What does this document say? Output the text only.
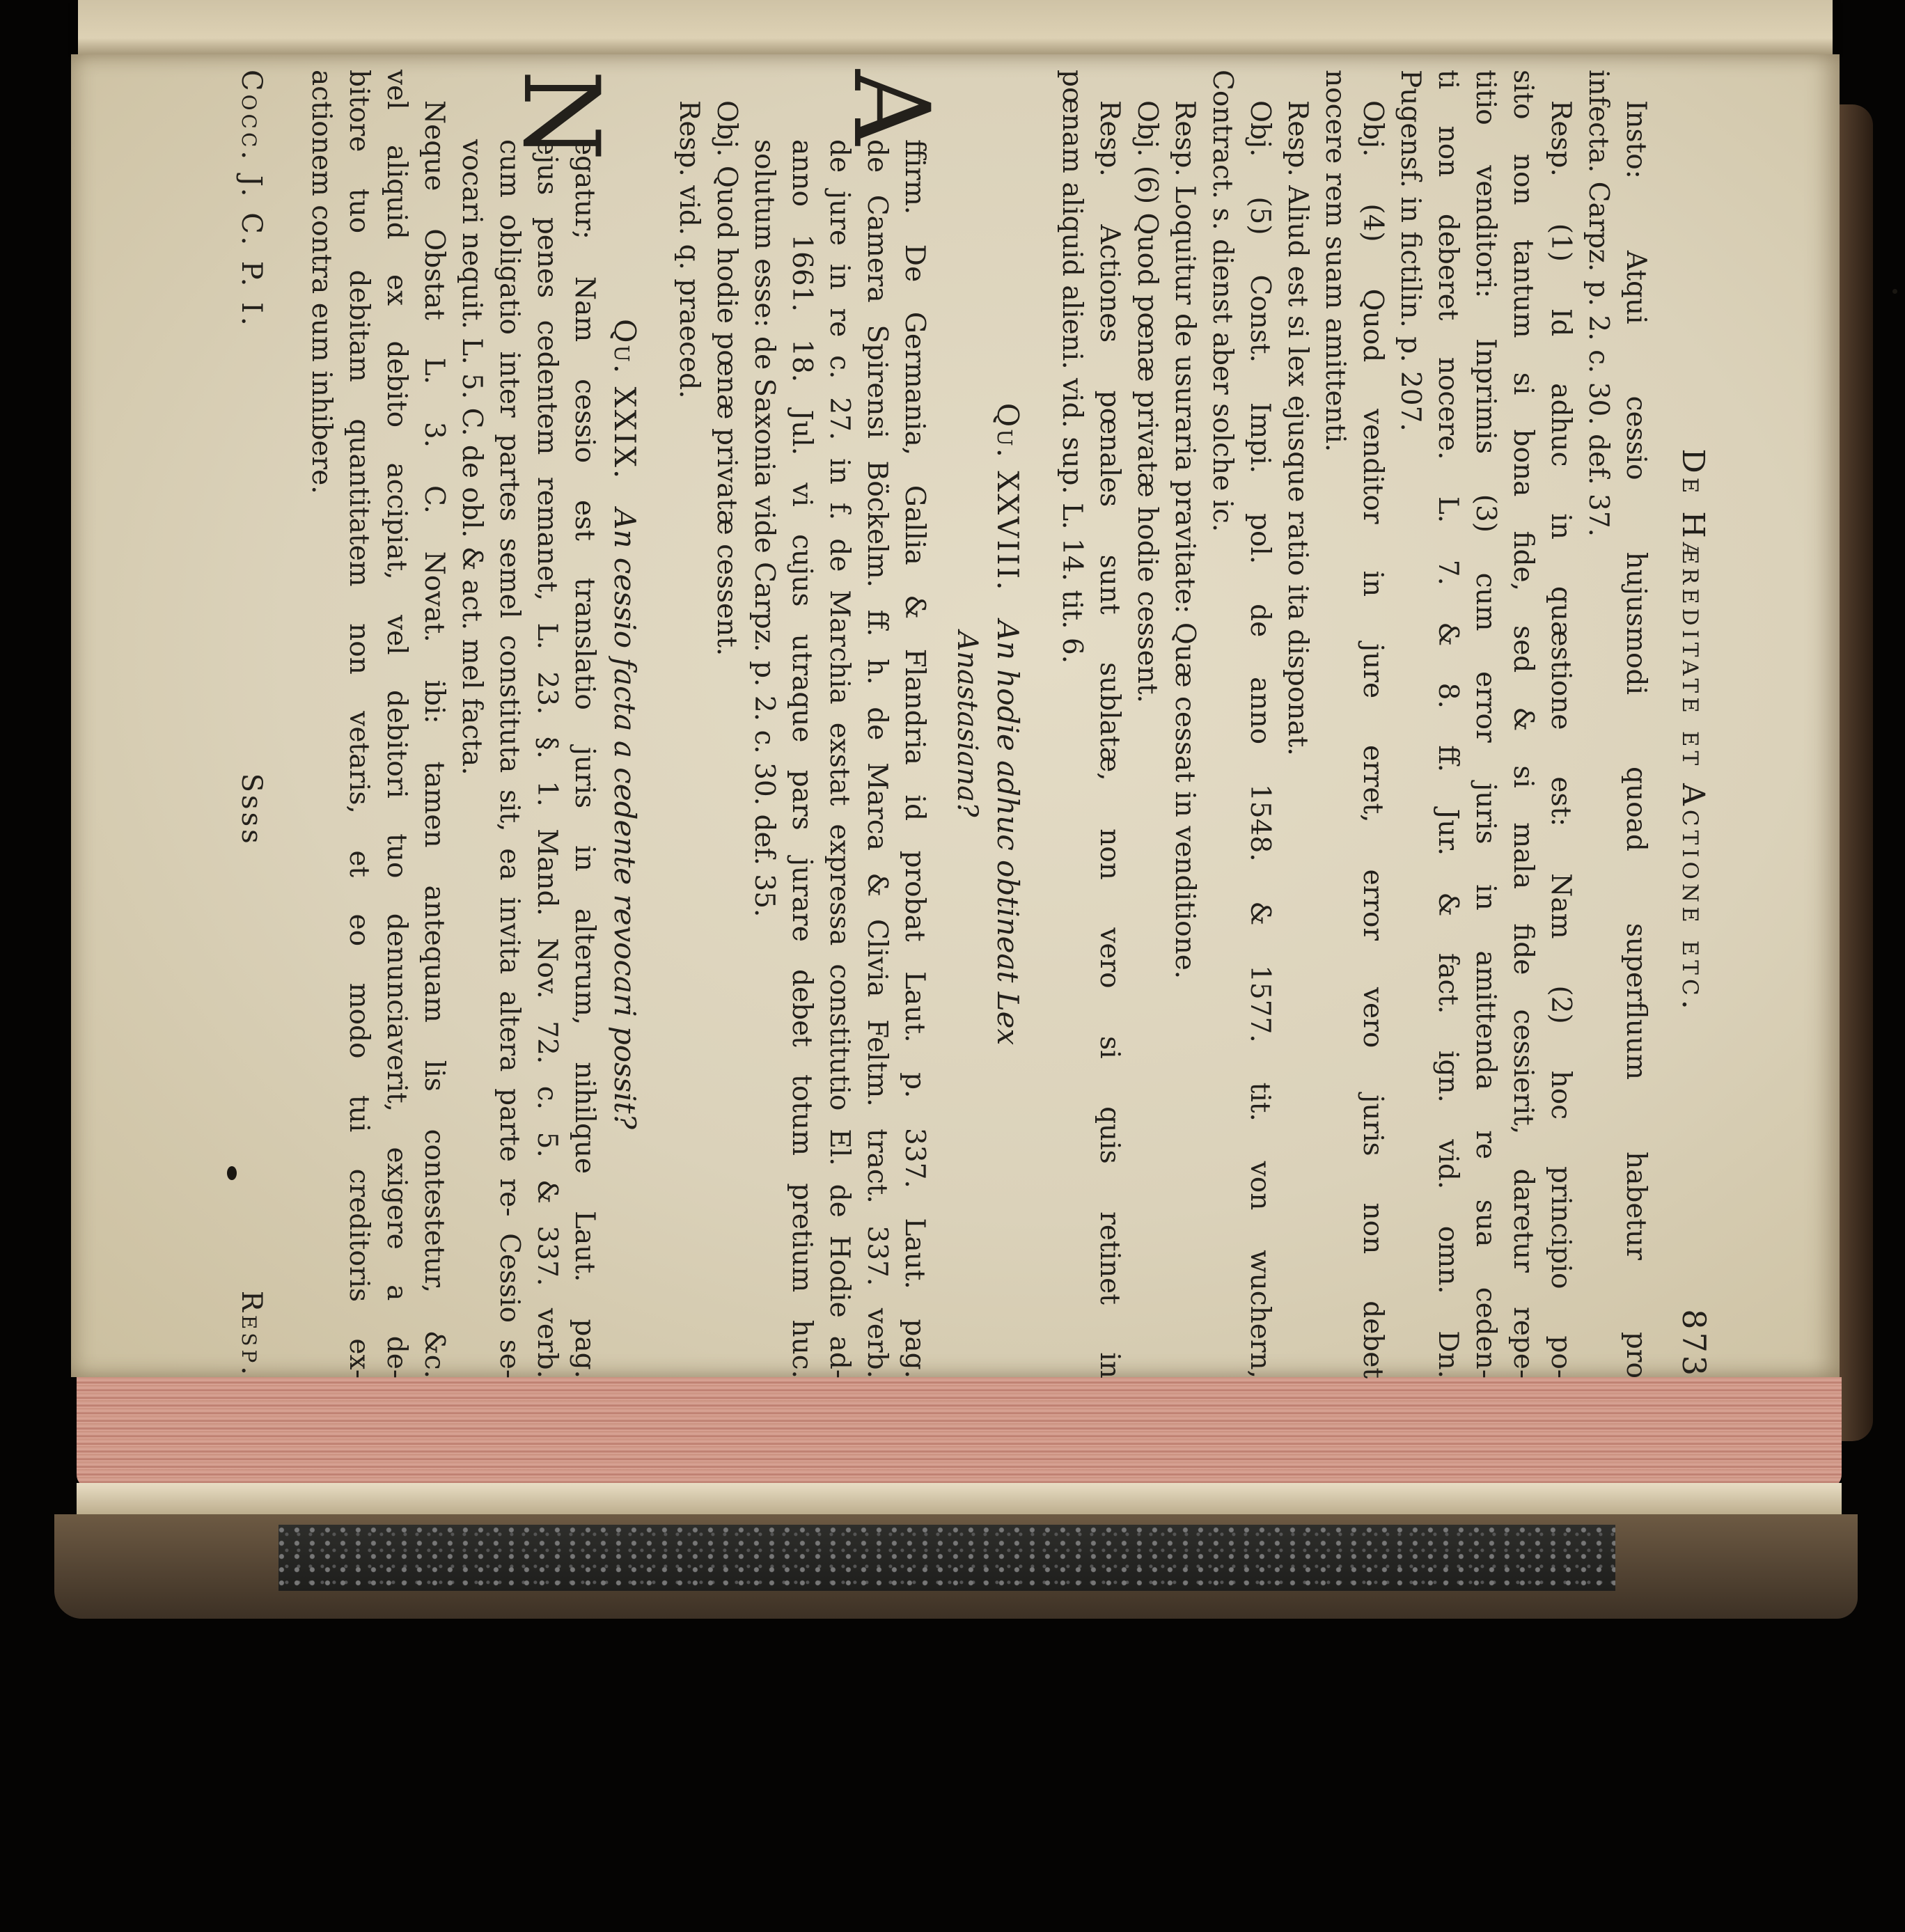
De Hæreditate et Actione etc.
873
Insto: Atqui cessio hujusmodi quoad superfluum habetur pro
infecta. Carpz. p. 2. c. 30. def. 37.
Resp. (1) Id adhuc in quæstione est: Nam (2) hoc principio po-
sito non tantum si bona fide, sed & si mala fide cessierit, daretur repe-
titio venditori: Inprimis (3) cum error juris in amittenda re sua ceden-
ti non deberet nocere. L. 7. & 8. ff. Jur. & fact. ign. vid. omn. Dn.
Pugensf. in fictilin. p. 207.
Obj. (4) Quod venditor in jure erret, error vero juris non debet
nocere rem suam amittenti.
Resp. Aliud est si lex ejusque ratio ita disponat.
Obj. (5) Const. Impi. pol. de anno 1548. & 1577. tit. von wuchern,
Contract. s. dienst aber solche ic.
Resp. Loquitur de usuraria pravitate: Quæ cessat in venditione.
Obj. (6) Quod pœnæ privatæ hodie cessent.
Resp. Actiones pœnales sunt sublatæ, non vero si quis retinet in
pœnam aliquid alieni. vid. sup. L. 14. tit. 6.
Qu. XXVIII.
An hodie adhuc obtineat Lex
Anastasiana?
A
ffirm. De Germania, Gallia & Flandria id probat Laut. p. 337. Laut. pag.
de Camera Spirensi Böckelm. ff. h. de Marca & Clivia Feltm. tract. 337. verb.
de jure in re c. 27. in f. de Marchia exstat expressa constitutio El. de Hodie ad-
anno 1661. 18. Jul. vi cujus utraque pars jurare debet totum pretium huc.
solutum esse: de Saxonia vide Carpz. p. 2. c. 30. def. 35.
Obj. Quod hodie pœnæ privatæ cessent.
Resp. vid. q. praeced.
Qu. XXIX.
An cessio facta a cedente revocari possit?
N
egatur; Nam cessio est translatio juris in alterum, nihilque Laut. pag.
ejus penes cedentem remanet, L. 23. §. 1. Mand. Nov. 72. c. 5. & 337. verb.
cum obligatio inter partes semel constituta sit, ea invita altera parte re- Cessio se-
vocari nequit. L. 5. C. de obl. & act. mel facta.
Neque Obstat L. 3. C. Novat. ibi: tamen antequam lis contestetur, &c.
vel aliquid ex debito accipiat, vel debitori tuo denunciaverit, exigere a de-
bitore tuo debitam quantitatem non vetaris, et eo modo tui creditoris ex-
actionem contra eum inhibere.
Cocc. J. C. P. I.
Ssss
Resp.
